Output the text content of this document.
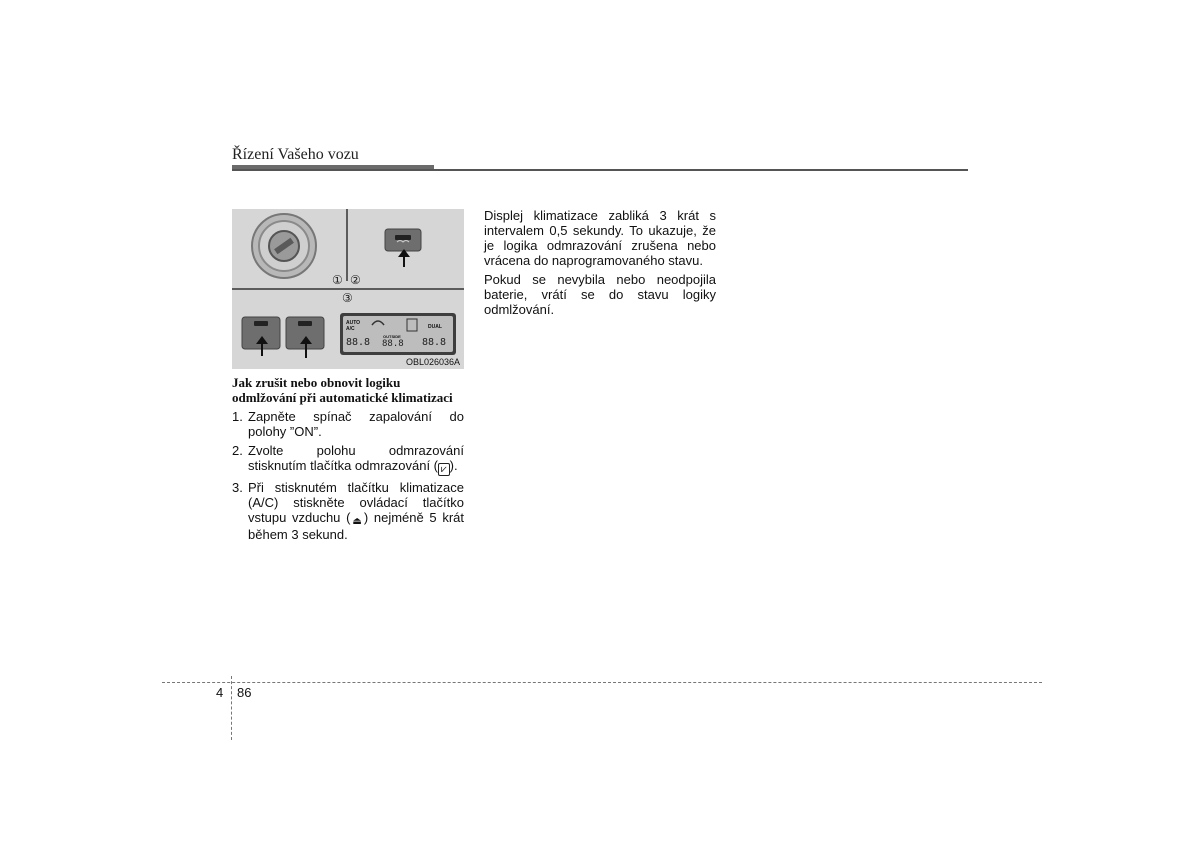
Řízení Vašeho vozu
① ②
③
AUTO
A/C	DUAL
OUTSIDE
88.8 88.8 88.8
OBL026036A
Jak zrušit nebo obnovit logiku odmlžování při automatické klimatizaci
1. Zapněte spínač zapalování do polohy ”ON”.
2. Zvolte polohu odmrazování stisknutím tlačítka odmrazování ( ⩗ ).
3. Při stisknutém tlačítku klimatizace (A/C) stiskněte ovládací tlačítko vstupu vzduchu ( ⏏ ) nejméně 5 krát během 3 sekund.

Displej klimatizace zabliká 3 krát s intervalem 0,5 sekundy. To ukazuje, že je logika odmrazování zrušena nebo vrácena do naprogramovaného stavu.

Pokud se nevybila nebo neodpojila baterie, vrátí se do stavu logiky odmlžování.

4 86
